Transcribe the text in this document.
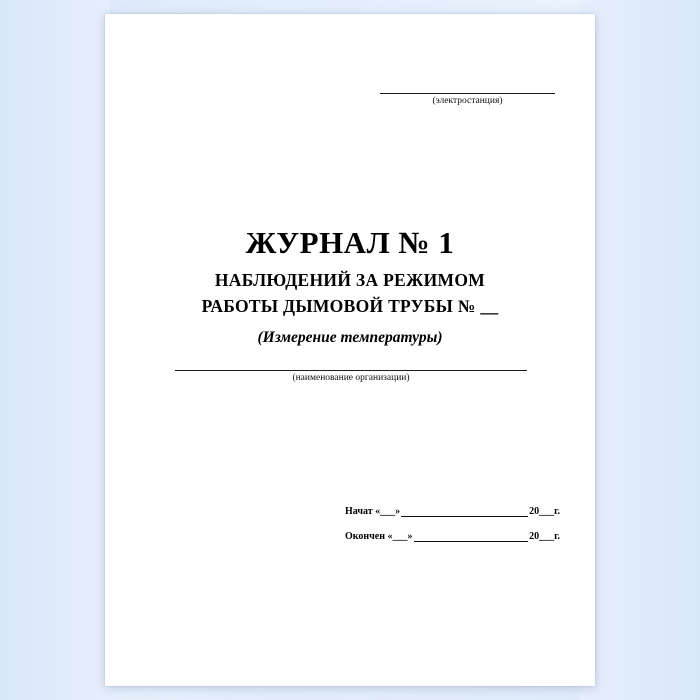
(электростанция)
ЖУРНАЛ № 1
НАБЛЮДЕНИЙ ЗА РЕЖИМОМ
РАБОТЫ ДЫМОВОЙ ТРУБЫ № __
(Измерение температуры)
(наименование организации)
Начат «___»	20___г.
Окончен «___»	20___г.
